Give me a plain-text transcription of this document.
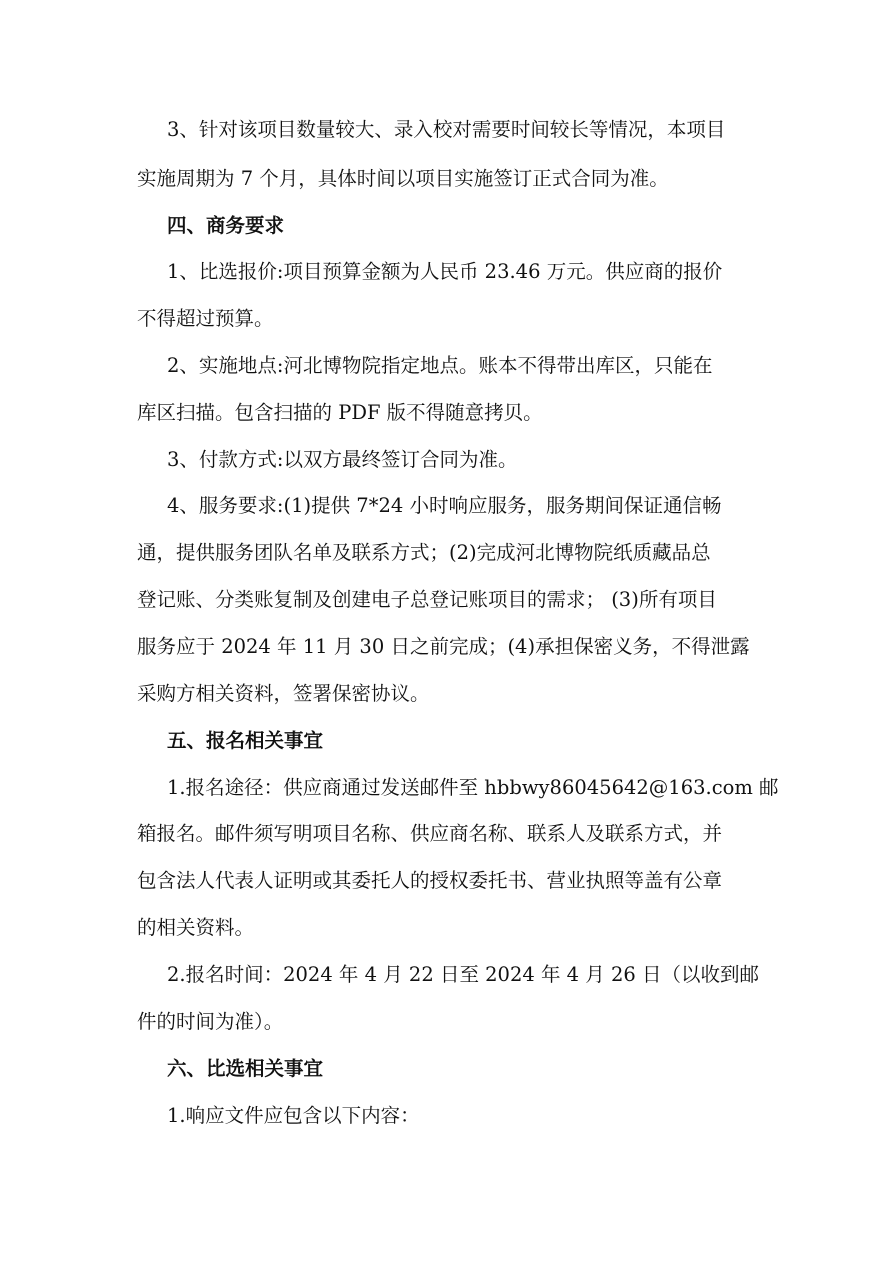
3、针对该项目数量较大、录入校对需要时间较长等情况，本项目

实施周期为 7 个月，具体时间以项目实施签订正式合同为准。

四、商务要求

1、比选报价:项目预算金额为人民币 23.46 万元。供应商的报价

不得超过预算。

2、实施地点:河北博物院指定地点。账本不得带出库区，只能在

库区扫描。包含扫描的 PDF 版不得随意拷贝。

3、付款方式:以双方最终签订合同为准。

4、服务要求:(1)提供 7*24 小时响应服务，服务期间保证通信畅

通，提供服务团队名单及联系方式；(2)完成河北博物院纸质藏品总

登记账、分类账复制及创建电子总登记账项目的需求； (3)所有项目

服务应于 2024 年 11 月 30 日之前完成；(4)承担保密义务，不得泄露

采购方相关资料，签署保密协议。

五、报名相关事宜

1.报名途径：供应商通过发送邮件至 hbbwy86045642@163.com 邮

箱报名。邮件须写明项目名称、供应商名称、联系人及联系方式，并

包含法人代表人证明或其委托人的授权委托书、营业执照等盖有公章

的相关资料。

2.报名时间：2024 年 4 月 22 日至 2024 年 4 月 26 日（以收到邮

件的时间为准）。

六、比选相关事宜

1.响应文件应包含以下内容：
